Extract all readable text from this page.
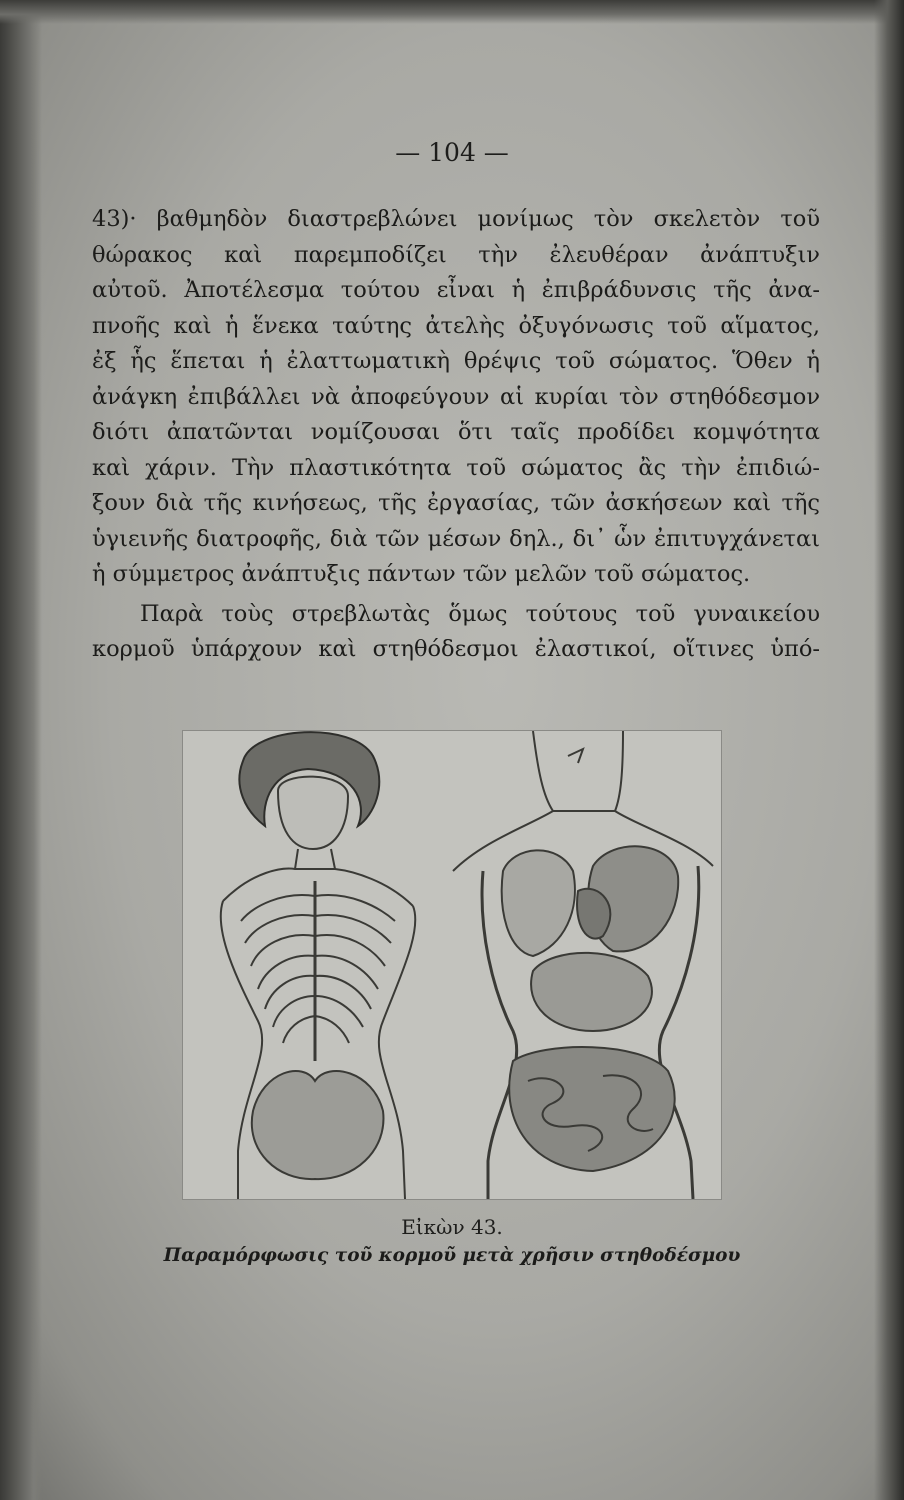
— 104 —
43)· βαθμηδὸν διαστρεβλώνει μονίμως τὸν σκελετὸν τοῦ
θώρακος καὶ παρεμποδίζει τὴν ἐλευθέραν ἀνάπτυξιν
αὐτοῦ. Ἀποτέλεσμα τούτου εἶναι ἡ ἐπιβράδυνσις τῆς ἀνα-
πνοῆς καὶ ἡ ἕνεκα ταύτης ἀτελὴς ὀξυγόνωσις τοῦ αἵματος,
ἐξ ἧς ἕπεται ἡ ἐλαττωματικὴ θρέψις τοῦ σώματος. Ὅθεν ἡ
ἀνάγκη ἐπιβάλλει νὰ ἀποφεύγουν αἱ κυρίαι τὸν στηθόδεσμον
διότι ἀπατῶνται νομίζουσαι ὅτι ταῖς προδίδει κομψότητα
καὶ χάριν. Τὴν πλαστικότητα τοῦ σώματος ἂς τὴν ἐπιδιώ-
ξουν διὰ τῆς κινήσεως, τῆς ἐργασίας, τῶν ἀσκήσεων καὶ τῆς
ὑγιεινῆς διατροφῆς, διὰ τῶν μέσων δηλ., δι᾽ ὧν ἐπιτυγχάνεται
ἡ σύμμετρος ἀνάπτυξις πάντων τῶν μελῶν τοῦ σώματος.
Παρὰ τοὺς στρεβλωτὰς ὅμως τούτους τοῦ γυναικείου
κορμοῦ ὑπάρχουν καὶ στηθόδεσμοι ἐλαστικοί, οἵτινες ὑπό-
Εἰκὼν 43.
Παραμόρφωσις τοῦ κορμοῦ μετὰ χρῆσιν στηθοδέσμου
